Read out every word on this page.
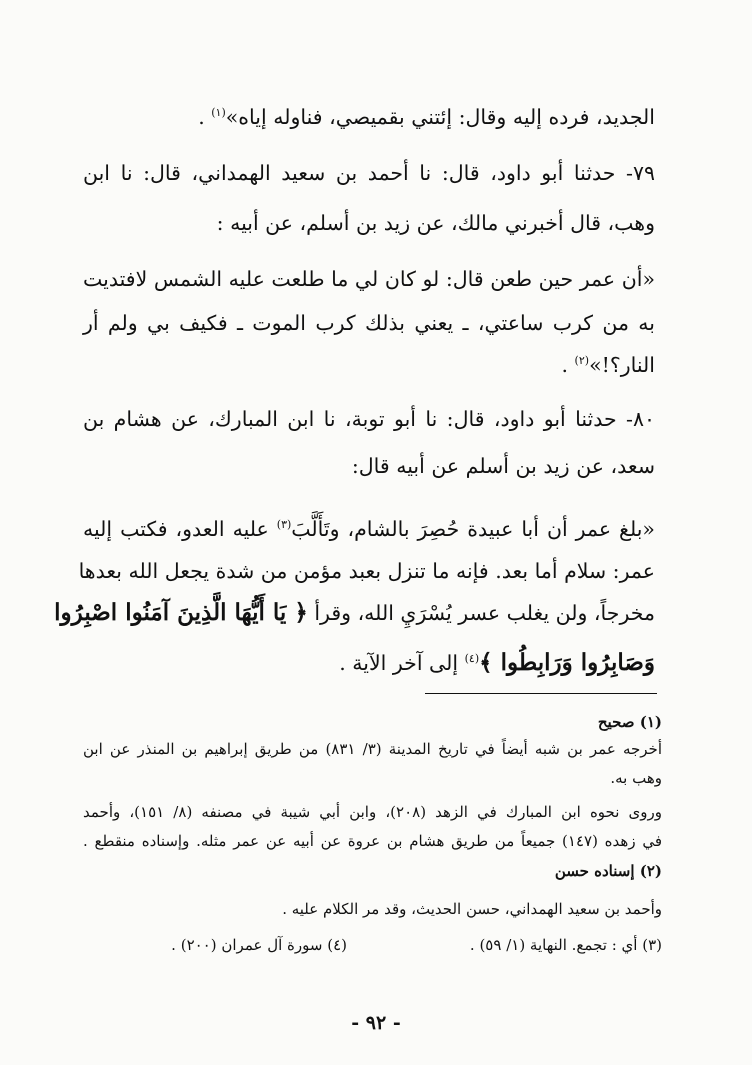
الجديد، فرده إليه وقال: إئتني بقميصي، فناوله إياه»$^{(١)}$ .
٧٩- حدثنا أبو داود، قال: نا أحمد بن سعيد الهمداني، قال: نا ابن
وهب، قال أخبرني مالك، عن زيد بن أسلم، عن أبيه :
«أن عمر حين طعن قال: لو كان لي ما طلعت عليه الشمس لافتديت
به من كرب ساعتي، ـ يعني بذلك كرب الموت ـ فكيف بي ولم أر
النار؟!»$^{(٢)}$ .
٨٠- حدثنا أبو داود، قال: نا أبو توبة، نا ابن المبارك، عن هشام بن
سعد، عن زيد بن أسلم عن أبيه قال:
«بلغ عمر أن أبا عبيدة حُصِرَ بالشام، وتَأَلَّبَ$^{(٣)}$ عليه العدو، فكتب إليه
عمر: سلام أما بعد. فإنه ما تنزل بعبد مؤمن من شدة يجعل الله بعدها
مخرجاً، ولن يغلب عسر يُسْرَيِ الله، وقرأ ﴿ يَا أَيُّهَا الَّذِينَ آمَنُوا اصْبِرُوا
وَصَابِرُوا وَرَابِطُوا ﴾$^{(٤)}$ إلى آخر الآية .
(١) صحيح
أخرجه عمر بن شبه أيضاً في تاريخ المدينة (٣/ ٨٣١) من طريق إبراهيم بن المنذر عن ابن
وهب به.
وروى نحوه ابن المبارك في الزهد (٢٠٨)، وابن أبي شيبة في مصنفه (٨/ ١٥١)، وأحمد
في زهده (١٤٧) جميعاً من طريق هشام بن عروة عن أبيه عن عمر مثله. وإسناده منقطع .
(٢) إسناده حسن
وأحمد بن سعيد الهمداني، حسن الحديث، وقد مر الكلام عليه .
(٣) أي : تجمع. النهاية (١/ ٥٩) .
(٤) سورة آل عمران (٢٠٠) .
- ٩٢ -
